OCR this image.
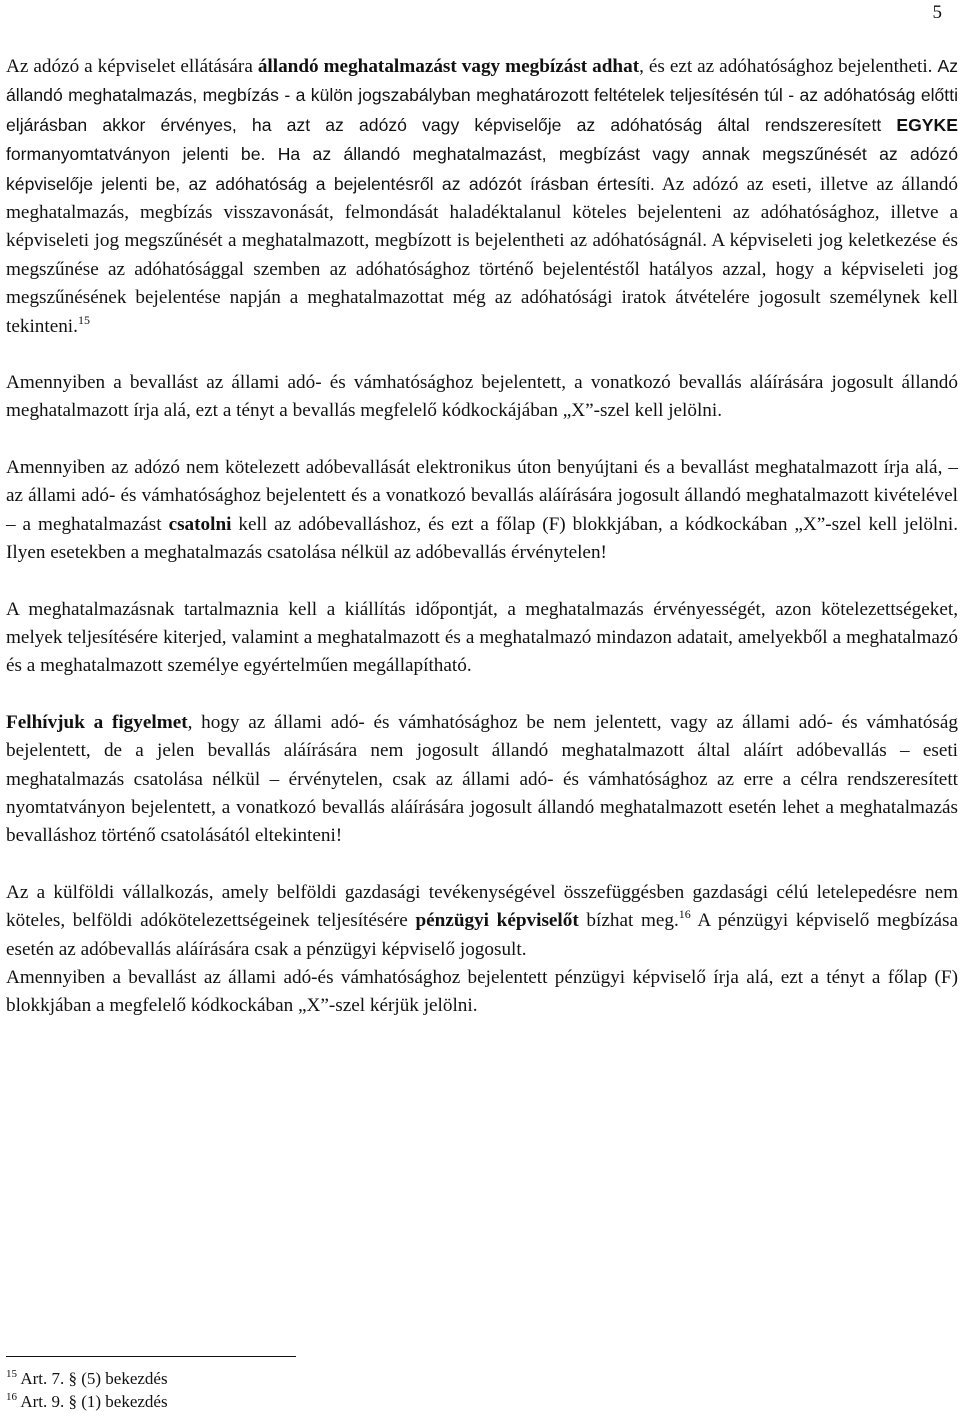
5

Az adózó a képviselet ellátására állandó meghatalmazást vagy megbízást adhat, és ezt az adóhatósághoz bejelentheti. Az állandó meghatalmazás, megbízás - a külön jogszabályban meghatározott feltételek teljesítésén túl - az adóhatóság előtti eljárásban akkor érvényes, ha azt az adózó vagy képviselője az adóhatóság által rendszeresített EGYKE formanyomtatványon jelenti be. Ha az állandó meghatalmazást, megbízást vagy annak megszűnését az adózó képviselője jelenti be, az adóhatóság a bejelentésről az adózót írásban értesíti. Az adózó az eseti, illetve az állandó meghatalmazás, megbízás visszavonását, felmondását haladéktalanul köteles bejelenteni az adóhatósághoz, illetve a képviseleti jog megszűnését a meghatalmazott, megbízott is bejelentheti az adóhatóságnál. A képviseleti jog keletkezése és megszűnése az adóhatósággal szemben az adóhatósághoz történő bejelentéstől hatályos azzal, hogy a képviseleti jog megszűnésének bejelentése napján a meghatalmazottat még az adóhatósági iratok átvételére jogosult személynek kell tekinteni.$^{15}$

Amennyiben a bevallást az állami adó- és vámhatósághoz bejelentett, a vonatkozó bevallás aláírására jogosult állandó meghatalmazott írja alá, ezt a tényt a bevallás megfelelő kódkockájában „X”-szel kell jelölni.

Amennyiben az adózó nem kötelezett adóbevallását elektronikus úton benyújtani és a bevallást meghatalmazott írja alá, – az állami adó- és vámhatósághoz bejelentett és a vonatkozó bevallás aláírására jogosult állandó meghatalmazott kivételével – a meghatalmazást csatolni kell az adóbevalláshoz, és ezt a főlap (F) blokkjában, a kódkockában „X”-szel kell jelölni. Ilyen esetekben a meghatalmazás csatolása nélkül az adóbevallás érvénytelen!

A meghatalmazásnak tartalmaznia kell a kiállítás időpontját, a meghatalmazás érvényességét, azon kötelezettségeket, melyek teljesítésére kiterjed, valamint a meghatalmazott és a meghatalmazó mindazon adatait, amelyekből a meghatalmazó és a meghatalmazott személye egyértelműen megállapítható.

Felhívjuk a figyelmet, hogy az állami adó- és vámhatósághoz be nem jelentett, vagy az állami adó- és vámhatóság bejelentett, de a jelen bevallás aláírására nem jogosult állandó meghatalmazott által aláírt adóbevallás – eseti meghatalmazás csatolása nélkül – érvénytelen, csak az állami adó- és vámhatósághoz az erre a célra rendszeresített nyomtatványon bejelentett, a vonatkozó bevallás aláírására jogosult állandó meghatalmazott esetén lehet a meghatalmazás bevalláshoz történő csatolásától eltekinteni!

Az a külföldi vállalkozás, amely belföldi gazdasági tevékenységével összefüggésben gazdasági célú letelepedésre nem köteles, belföldi adókötelezettségeinek teljesítésére pénzügyi képviselőt bízhat meg.$^{16}$ A pénzügyi képviselő megbízása esetén az adóbevallás aláírására csak a pénzügyi képviselő jogosult.

Amennyiben a bevallást az állami adó-és vámhatósághoz bejelentett pénzügyi képviselő írja alá, ezt a tényt a főlap (F) blokkjában a megfelelő kódkockában „X”-szel kérjük jelölni.

$^{15}$ Art. 7. § (5) bekezdés

$^{16}$ Art. 9. § (1) bekezdés
